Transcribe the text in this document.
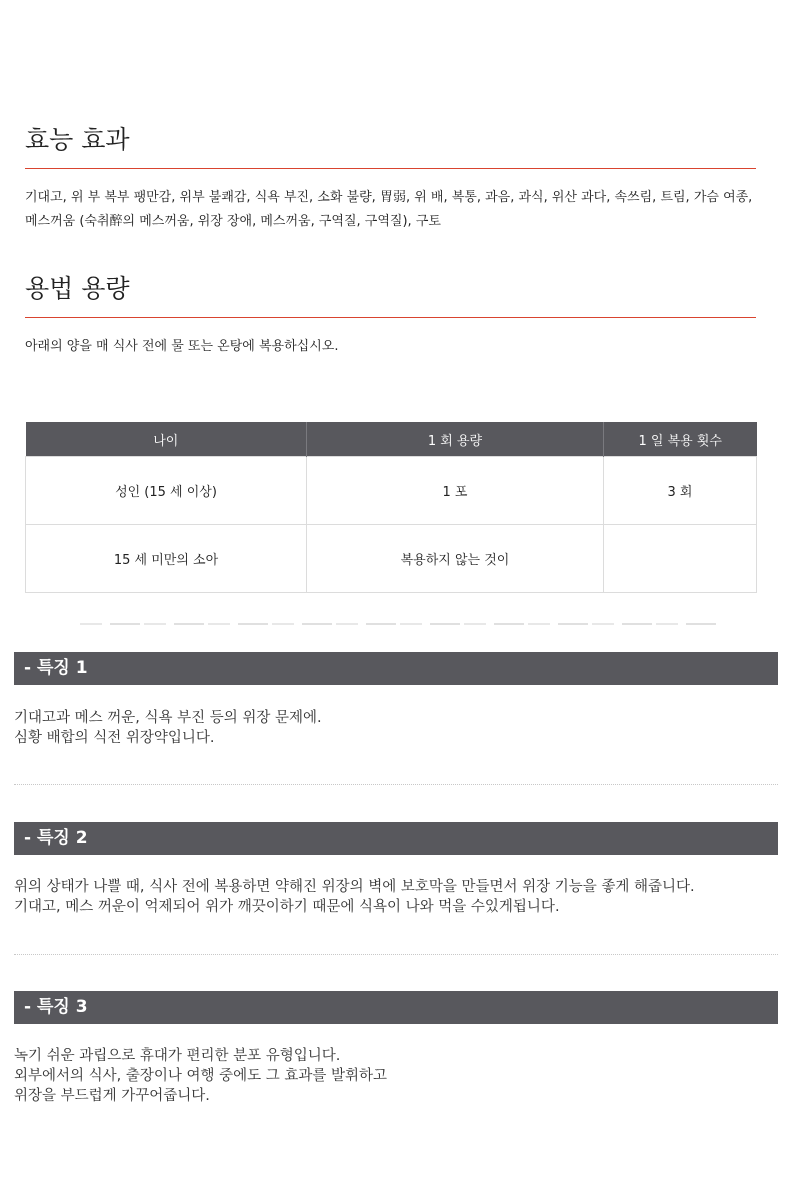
효능 효과

기대고, 위 부 복부 팽만감, 위부 불쾌감, 식욕 부진, 소화 불량, 胃弱, 위 배, 복통, 과음, 과식, 위산 과다, 속쓰림, 트림, 가슴 여종, 메스꺼움 (숙취醉의 메스꺼움, 위장 장애, 메스꺼움, 구역질, 구역질), 구토

용법 용량

아래의 양을 매 식사 전에 물 또는 온탕에 복용하십시오.

나이	1 회 용량	1 일 복용 횟수
성인 (15 세 이상)	1 포	3 회
15 세 미만의 소아	복용하지 않는 것이	
- 특징 1
기대고과 메스 꺼운, 식욕 부진 등의 위장 문제에.
심황 배합의 식전 위장약입니다.
- 특징 2
위의 상태가 나쁠 때, 식사 전에 복용하면 약해진 위장의 벽에 보호막을 만들면서 위장 기능을 좋게 해줍니다.
기대고, 메스 꺼운이 억제되어 위가 깨끗이하기 때문에 식욕이 나와 먹을 수있게됩니다.
- 특징 3
녹기 쉬운 과립으로 휴대가 편리한 분포 유형입니다.
외부에서의 식사, 출장이나 여행 중에도 그 효과를 발휘하고
위장을 부드럽게 가꾸어줍니다.
